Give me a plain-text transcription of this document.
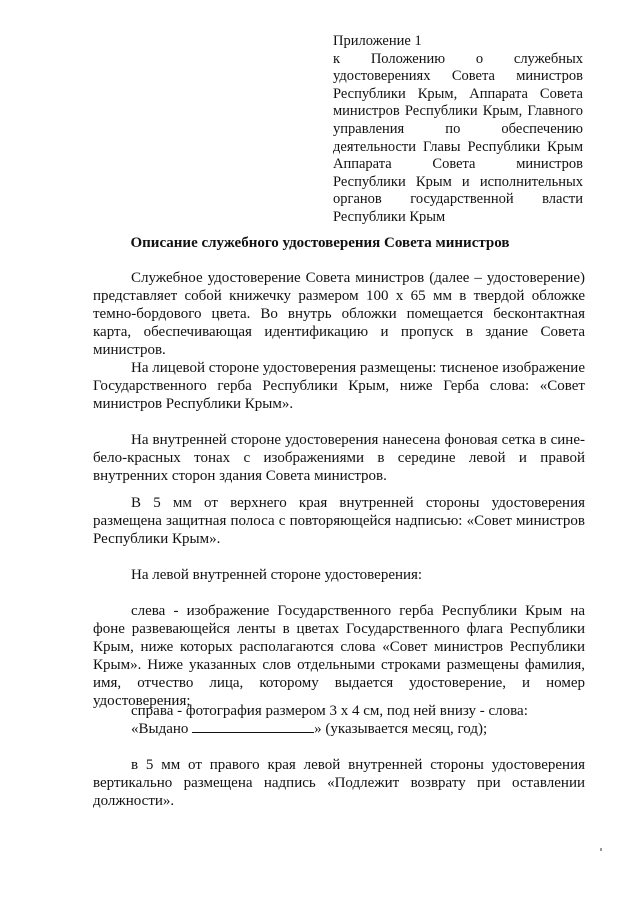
Приложение 1
к Положению о служебных
удостоверениях Совета министров
Республики Крым, Аппарата Совета
министров Республики Крым, Главного
управления по обеспечению
деятельности Главы Республики Крым
Аппарата Совета министров
Республики Крым и исполнительных
органов государственной власти
Республики Крым
Описание служебного удостоверения Совета министров
Служебное удостоверение Совета министров (далее – удостоверение) представляет собой книжечку размером 100 х 65 мм в твердой обложке темно-бордового цвета. Во внутрь обложки помещается бесконтактная карта, обеспечивающая идентификацию и пропуск в здание Совета министров.
На лицевой стороне удостоверения размещены: тисненое изображение Государственного герба Республики Крым, ниже Герба слова: «Совет министров Республики Крым».
На внутренней стороне удостоверения нанесена фоновая сетка в сине-бело-красных тонах с изображениями в середине левой и правой внутренних сторон здания Совета министров.
В 5 мм от верхнего края внутренней стороны удостоверения размещена защитная полоса с повторяющейся надписью: «Совет министров Республики Крым».
На левой внутренней стороне удостоверения:
слева - изображение Государственного герба Республики Крым на фоне развевающейся ленты в цветах Государственного флага Республики Крым, ниже которых располагаются слова «Совет министров Республики Крым». Ниже указанных слов отдельными строками размещены фамилия, имя, отчество лица, которому выдается удостоверение, и номер удостоверения;
справа - фотография размером 3 х 4 см, под ней внизу - слова:
«Выдано	» (указывается месяц, год);
в 5 мм от правого края левой внутренней стороны удостоверения вертикально размещена надпись «Подлежит возврату при оставлении должности».
